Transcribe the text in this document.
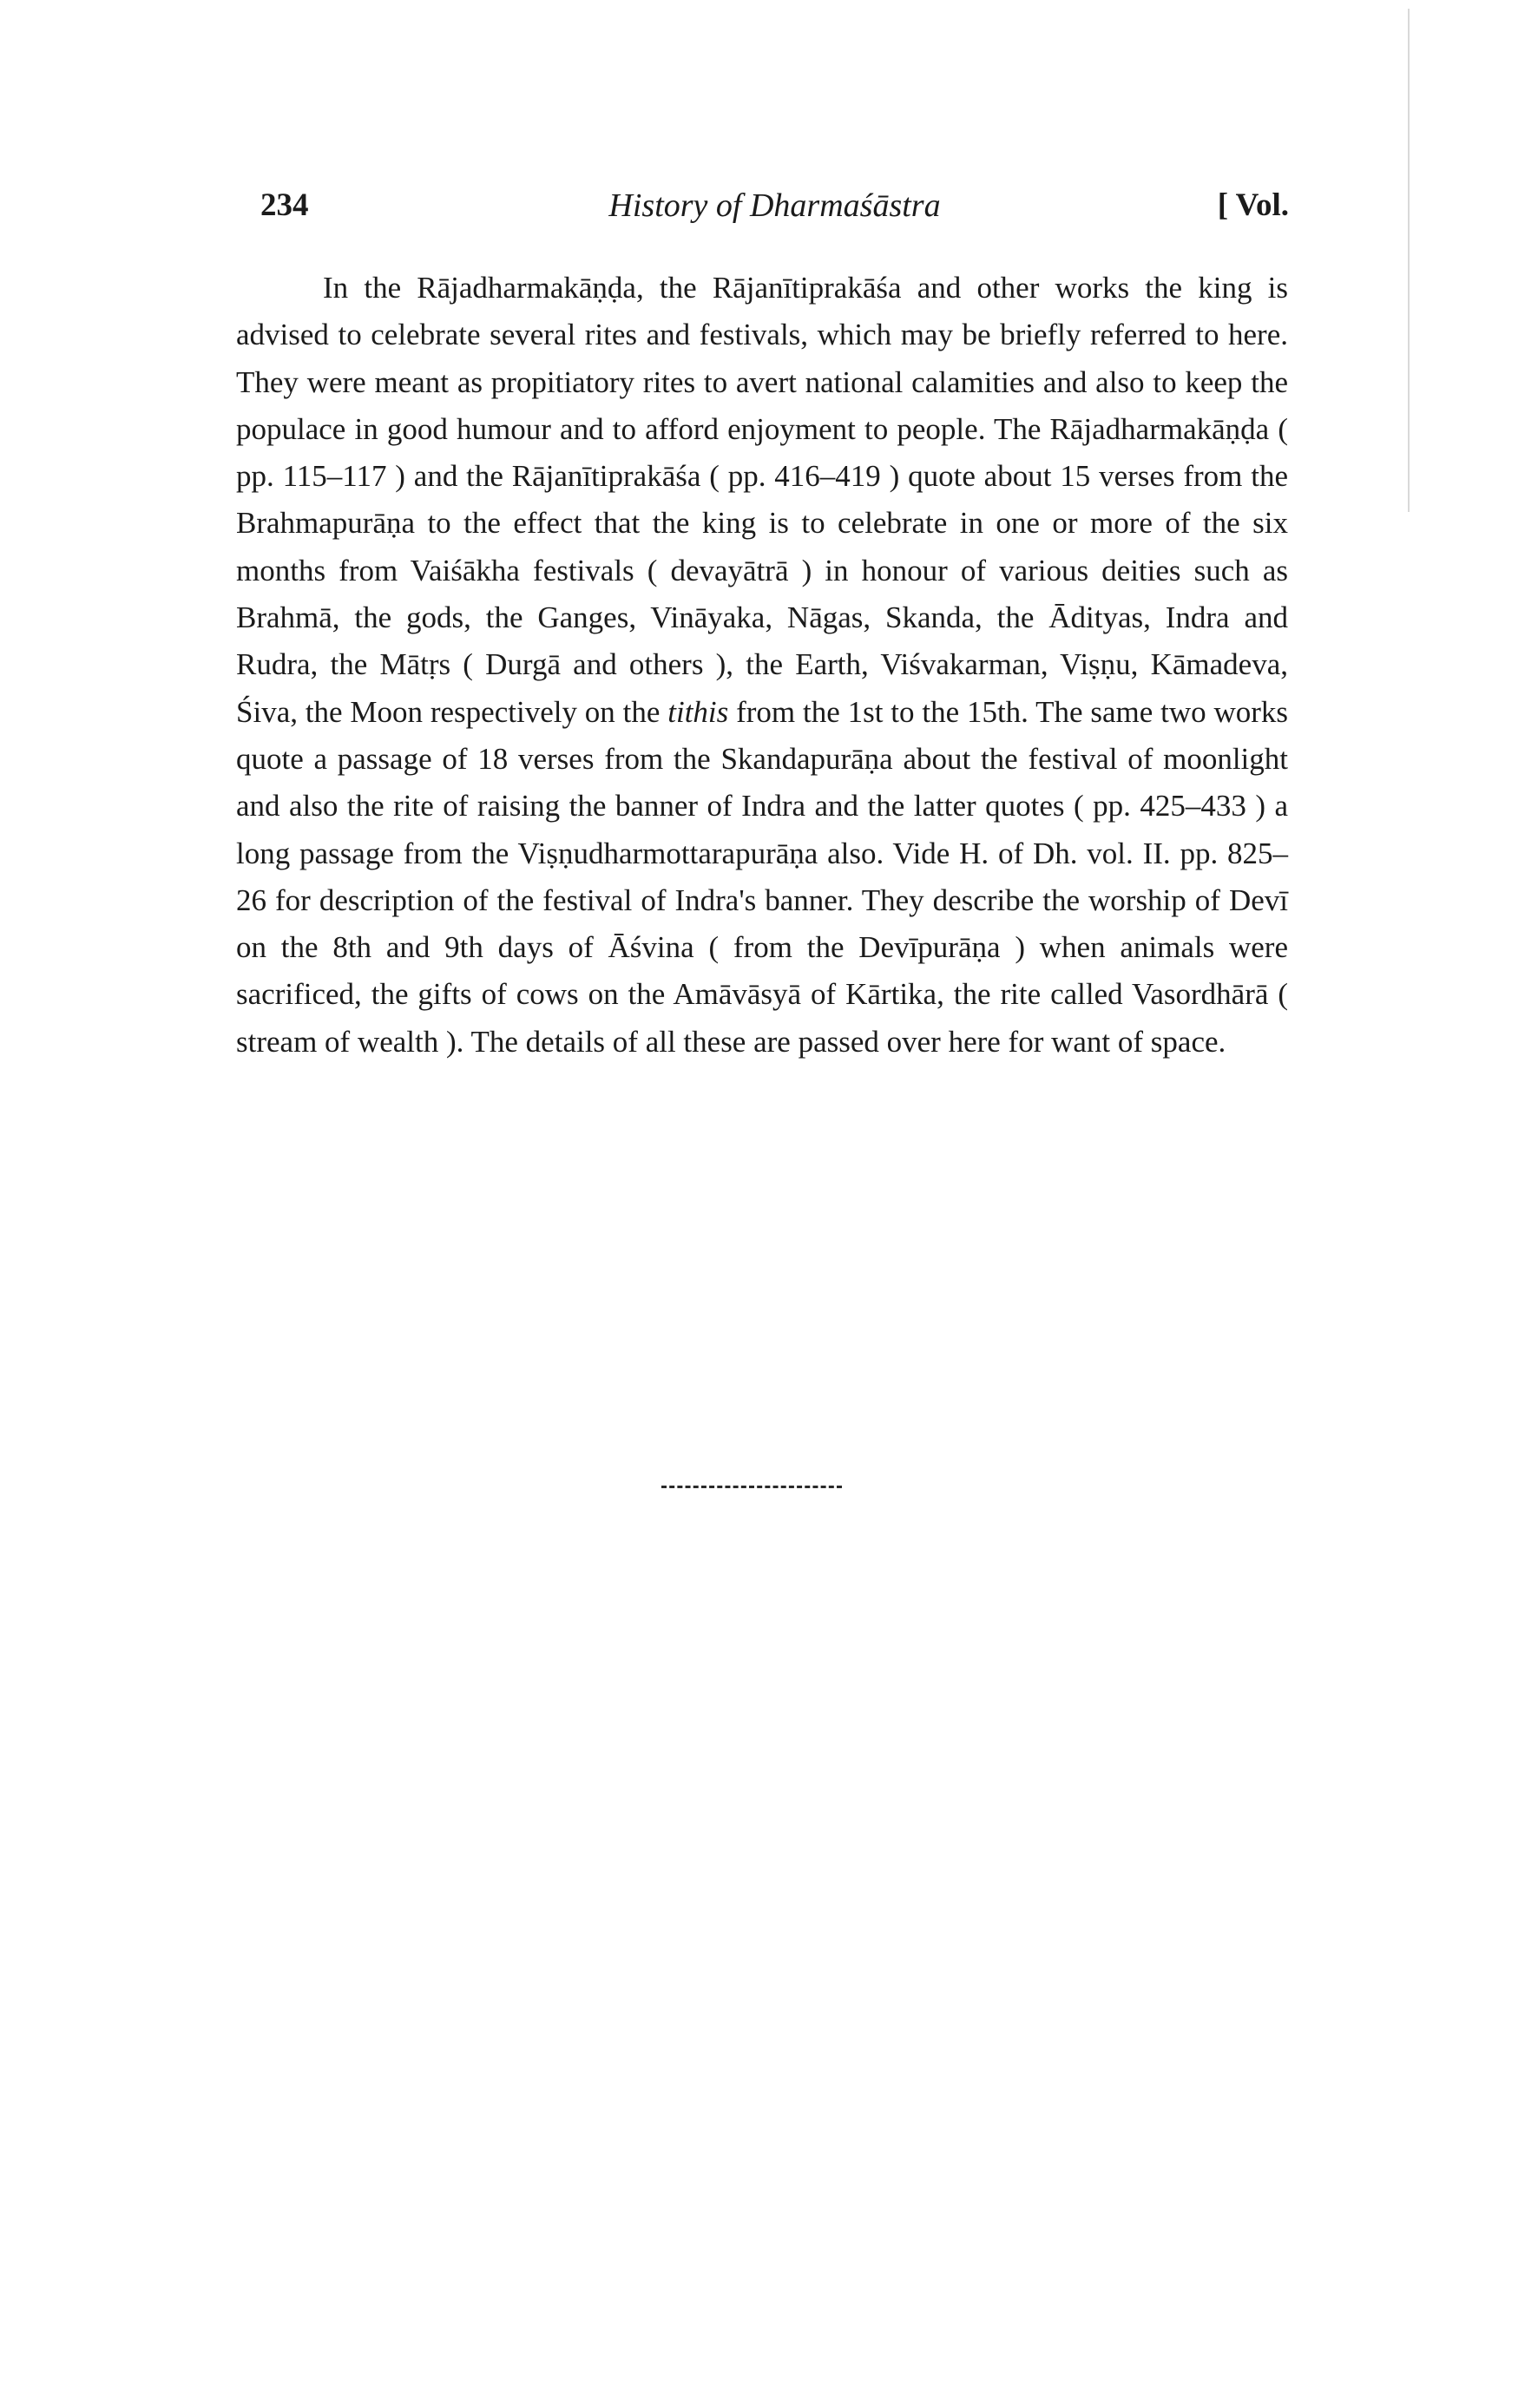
234	History of Dharmaśāstra	[ Vol.

In the Rājadharmakāṇḍa, the Rājanītiprakāśa and other works the king is advised to celebrate several rites and festivals, which may be briefly referred to here. They were meant as propitiatory rites to avert national calamities and also to keep the populace in good humour and to afford enjoyment to people. The Rājadharmakāṇḍa ( pp. 115–117 ) and the Rājanītiprakāśa ( pp. 416–419 ) quote about 15 verses from the Brahmapurāṇa to the effect that the king is to celebrate in one or more of the six months from Vaiśākha festivals ( devayātrā ) in honour of various deities such as Brahmā, the gods, the Ganges, Vināyaka, Nāgas, Skanda, the Ādityas, Indra and Rudra, the Mātṛs ( Durgā and others ), the Earth, Viśvakarman, Viṣṇu, Kāmadeva, Śiva, the Moon respectively on the tithis from the 1st to the 15th. The same two works quote a passage of 18 verses from the Skandapurāṇa about the festival of moonlight and also the rite of raising the banner of Indra and the latter quotes ( pp. 425–433 ) a long passage from the Viṣṇudharmottarapurāṇa also. Vide H. of Dh. vol. II. pp. 825–26 for description of the festival of Indra's banner. They describe the worship of Devī on the 8th and 9th days of Āśvina ( from the Devīpurāṇa ) when animals were sacrificed, the gifts of cows on the Amāvāsyā of Kārtika, the rite called Vasordhārā ( stream of wealth ). The details of all these are passed over here for want of space.
